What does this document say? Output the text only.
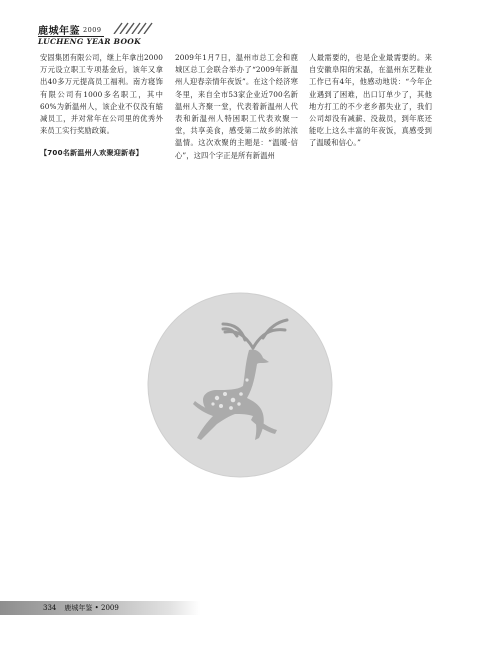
鹿城年鉴 $^{2009}$
LUCHENG YEAR BOOK

安固集团有限公司，继上年拿出2000万元设立职工专项基金后，该年又拿出40多万元提高员工福利。南方寝饰有限公司有1000多名职工，其中60%为新温州人，该企业不仅没有缩减员工，并对常年在公司里的优秀外来员工实行奖励政策。

【700名新温州人欢聚迎新春】

2009年1月7日，温州市总工会和鹿城区总工会联合举办了“2009年新温州人迎春亲情年夜饭”。在这个经济寒冬里，来自全市53家企业近700名新温州人齐聚一堂，代表着新温州人代表和新温州人特困职工代表欢聚一堂，共享美食，感受第二故乡的浓浓温情。这次欢聚的主题是：“温暖·信心”，这四个字正是所有新温州

人最需要的，也是企业最需要的。来自安徽阜阳的宋磊，在温州东艺鞋业工作已有4年，他感动地说：“今年企业遇到了困难，出口订单少了，其他地方打工的不少老乡都失业了，我们公司却没有减薪、没裁员，到年底还能吃上这么丰富的年夜饭，真感受到了温暖和信心。”

334 鹿城年鉴 • 2009
